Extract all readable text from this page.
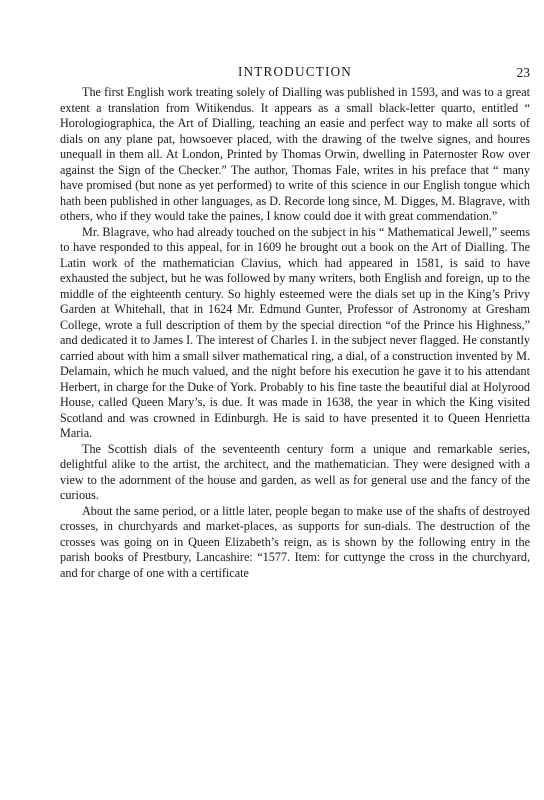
INTRODUCTION	23

The first English work treating solely of Dialling was published in 1593, and was to a great extent a translation from Witikendus. It appears as a small black-letter quarto, entitled “ Horologiographica, the Art of Dialling, teaching an easie and perfect way to make all sorts of dials on any plane pat, howsoever placed, with the drawing of the twelve signes, and houres unequall in them all. At London, Printed by Thomas Orwin, dwelling in Paternoster Row over against the Sign of the Checker.” The author, Thomas Fale, writes in his preface that “ many have promised (but none as yet performed) to write of this science in our English tongue which hath been published in other languages, as D. Recorde long since, M. Digges, M. Blagrave, with others, who if they would take the paines, I know could doe it with great commendation.”

Mr. Blagrave, who had already touched on the subject in his “ Mathematical Jewell,” seems to have responded to this appeal, for in 1609 he brought out a book on the Art of Dialling. The Latin work of the mathematician Clavius, which had appeared in 1581, is said to have exhausted the subject, but he was followed by many writers, both English and foreign, up to the middle of the eighteenth century. So highly esteemed were the dials set up in the King’s Privy Garden at Whitehall, that in 1624 Mr. Edmund Gunter, Professor of Astronomy at Gresham College, wrote a full description of them by the special direction “of the Prince his Highness,” and dedicated it to James I. The interest of Charles I. in the subject never flagged. He constantly carried about with him a small silver mathematical ring, a dial, of a construction invented by M. Delamain, which he much valued, and the night before his execution he gave it to his attendant Herbert, in charge for the Duke of York. Probably to his fine taste the beautiful dial at Holyrood House, called Queen Mary’s, is due. It was made in 1638, the year in which the King visited Scotland and was crowned in Edinburgh. He is said to have presented it to Queen Henrietta Maria.

The Scottish dials of the seventeenth century form a unique and remarkable series, delightful alike to the artist, the architect, and the mathematician. They were designed with a view to the adornment of the house and garden, as well as for general use and the fancy of the curious.

About the same period, or a little later, people began to make use of the shafts of destroyed crosses, in churchyards and market-places, as supports for sun-dials. The destruction of the crosses was going on in Queen Elizabeth’s reign, as is shown by the following entry in the parish books of Prestbury, Lancashire: “1577. Item: for cuttynge the cross in the churchyard, and for charge of one with a certificate
